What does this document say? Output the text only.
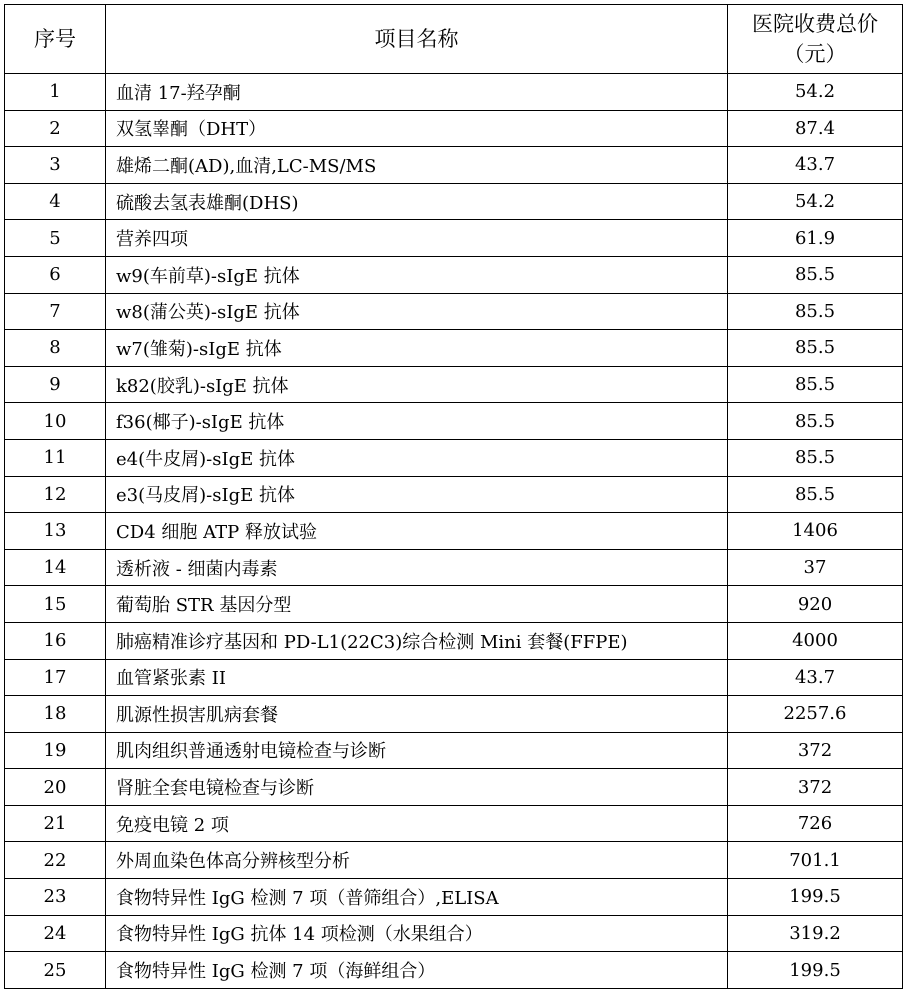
序号	项目名称	医院收费总价（元）
1	血清 17-羟孕酮	54.2
2	双氢睾酮（DHT）	87.4
3	雄烯二酮(AD),血清,LC-MS/MS	43.7
4	硫酸去氢表雄酮(DHS)	54.2
5	营养四项	61.9
6	w9(车前草)-sIgE 抗体	85.5
7	w8(蒲公英)-sIgE 抗体	85.5
8	w7(雏菊)-sIgE 抗体	85.5
9	k82(胶乳)-sIgE 抗体	85.5
10	f36(椰子)-sIgE 抗体	85.5
11	e4(牛皮屑)-sIgE 抗体	85.5
12	e3(马皮屑)-sIgE 抗体	85.5
13	CD4 细胞 ATP 释放试验	1406
14	透析液 - 细菌内毒素	37
15	葡萄胎 STR 基因分型	920
16	肺癌精准诊疗基因和 PD-L1(22C3)综合检测 Mini 套餐(FFPE)	4000
17	血管紧张素 II	43.7
18	肌源性损害肌病套餐	2257.6
19	肌肉组织普通透射电镜检查与诊断	372
20	肾脏全套电镜检查与诊断	372
21	免疫电镜 2 项	726
22	外周血染色体高分辨核型分析	701.1
23	食物特异性 IgG 检测 7 项（普筛组合）,ELISA	199.5
24	食物特异性 IgG 抗体 14 项检测（水果组合）	319.2
25	食物特异性 IgG 检测 7 项（海鲜组合）	199.5
